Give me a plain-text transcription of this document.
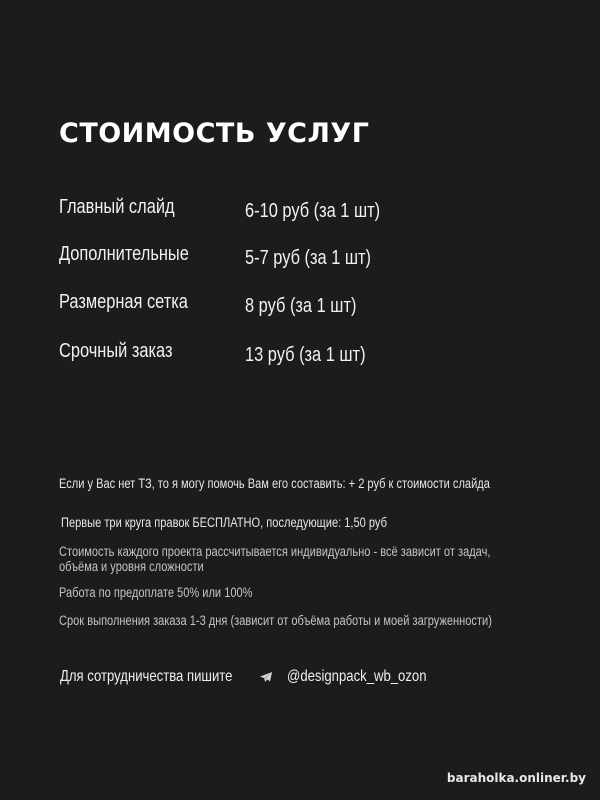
СТОИМОСТЬ УСЛУГ
Главный слайд	6-10 руб (за 1 шт)
Дополнительные	5-7 руб (за 1 шт)
Размерная сетка	8 руб (за 1 шт)
Срочный заказ	13 руб (за 1 шт)
Если у Вас нет ТЗ, то я могу помочь Вам его составить: + 2 руб к стоимости слайда
Первые три круга правок БЕСПЛАТНО, последующие: 1,50 руб
Стоимость каждого проекта рассчитывается индивидуально - всё зависит от задач, объёма и уровня сложности
Работа по предоплате 50% или 100%
Срок выполнения заказа 1-3 дня (зависит от объёма работы и моей загруженности)
Для сотрудничества пишите	@designpack_wb_ozon
baraholka.onliner.by
